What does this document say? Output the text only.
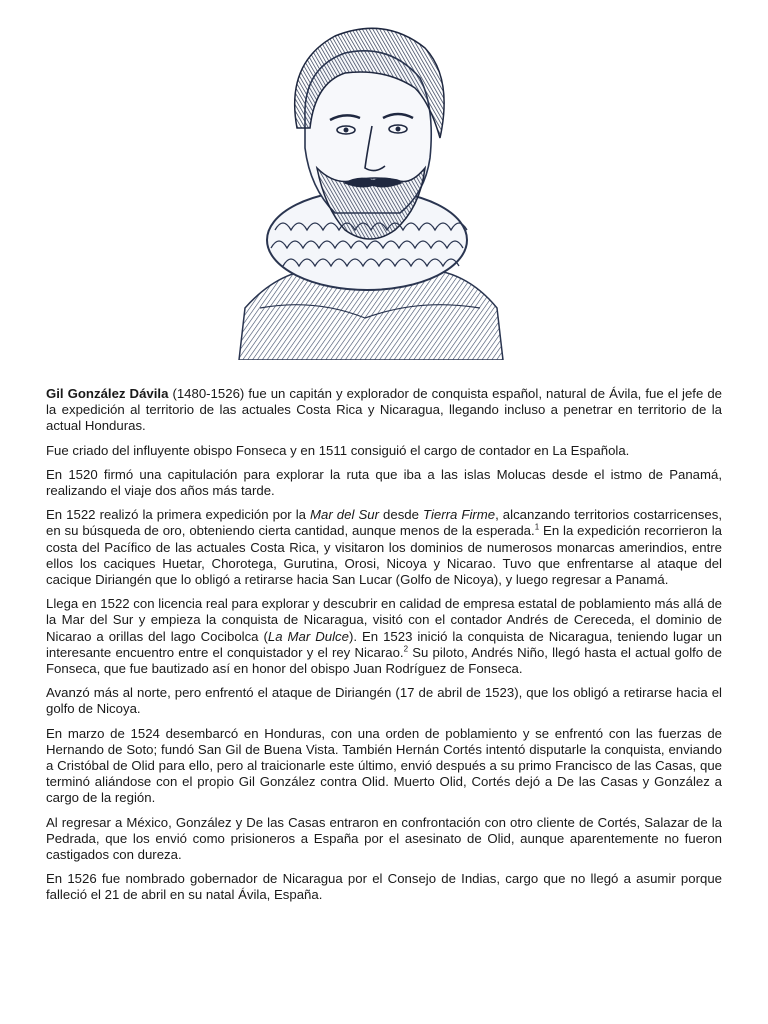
Gil González Dávila (1480-1526) fue un capitán y explorador de conquista español, natural de Ávila, fue el jefe de la expedición al territorio de las actuales Costa Rica y Nicaragua, llegando incluso a penetrar en territorio de la actual Honduras.

Fue criado del influyente obispo Fonseca y en 1511 consiguió el cargo de contador en La Española.

En 1520 firmó una capitulación para explorar la ruta que iba a las islas Molucas desde el istmo de Panamá, realizando el viaje dos años más tarde.

En 1522 realizó la primera expedición por la Mar del Sur desde Tierra Firme, alcanzando territorios costarricenses, en su búsqueda de oro, obteniendo cierta cantidad, aunque menos de la esperada.$^1$ En la expedición recorrieron la costa del Pacífico de las actuales Costa Rica, y visitaron los dominios de numerosos monarcas amerindios, entre ellos los caciques Huetar, Chorotega, Gurutina, Orosi, Nicoya y Nicarao. Tuvo que enfrentarse al ataque del cacique Diriangén que lo obligó a retirarse hacia San Lucar (Golfo de Nicoya), y luego regresar a Panamá.

Llega en 1522 con licencia real para explorar y descubrir en calidad de empresa estatal de poblamiento más allá de la Mar del Sur y empieza la conquista de Nicaragua, visitó con el contador Andrés de Cereceda, el dominio de Nicarao a orillas del lago Cocibolca (La Mar Dulce). En 1523 inició la conquista de Nicaragua, teniendo lugar un interesante encuentro entre el conquistador y el rey Nicarao.$^2$ Su piloto, Andrés Niño, llegó hasta el actual golfo de Fonseca, que fue bautizado así en honor del obispo Juan Rodríguez de Fonseca.

Avanzó más al norte, pero enfrentó el ataque de Diriangén (17 de abril de 1523), que los obligó a retirarse hacia el golfo de Nicoya.

En marzo de 1524 desembarcó en Honduras, con una orden de poblamiento y se enfrentó con las fuerzas de Hernando de Soto; fundó San Gil de Buena Vista. También Hernán Cortés intentó disputarle la conquista, enviando a Cristóbal de Olid para ello, pero al traicionarle este último, envió después a su primo Francisco de las Casas, que terminó aliándose con el propio Gil González contra Olid. Muerto Olid, Cortés dejó a De las Casas y González a cargo de la región.

Al regresar a México, González y De las Casas entraron en confrontación con otro cliente de Cortés, Salazar de la Pedrada, que los envió como prisioneros a España por el asesinato de Olid, aunque aparentemente no fueron castigados con dureza.

En 1526 fue nombrado gobernador de Nicaragua por el Consejo de Indias, cargo que no llegó a asumir porque falleció el 21 de abril en su natal Ávila, España.
